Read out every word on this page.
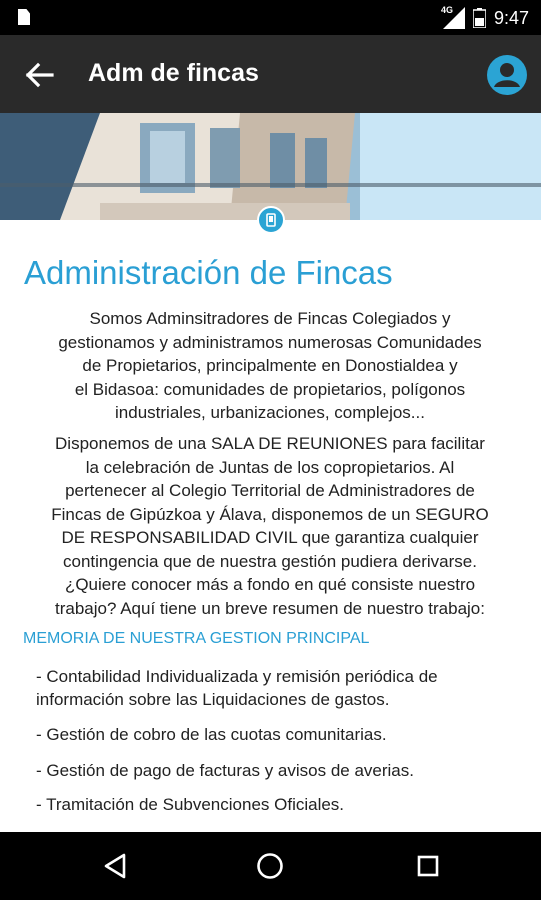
4G 9:47
Adm de fincas
Administración de Fincas
Somos Adminsitradores de Fincas Colegiados y
gestionamos y administramos numerosas Comunidades
de Propietarios, principalmente en Donostialdea y
el Bidasoa: comunidades de propietarios, polígonos
industriales, urbanizaciones, complejos...
Disponemos de una SALA DE REUNIONES para facilitar
la celebración de Juntas de los copropietarios. Al
pertenecer al Colegio Territorial de Administradores de
Fincas de Gipúzkoa y Álava, disponemos de un SEGURO
DE RESPONSABILIDAD CIVIL que garantiza cualquier
contingencia que de nuestra gestión pudiera derivarse.
¿Quiere conocer más a fondo en qué consiste nuestro
trabajo? Aquí tiene un breve resumen de nuestro trabajo:
MEMORIA DE NUESTRA GESTION PRINCIPAL
- Contabilidad Individualizada y remisión periódica de información sobre las Liquidaciones de gastos.
- Gestión de cobro de las cuotas comunitarias.
- Gestión de pago de facturas y avisos de averias.
- Tramitación de Subvenciones Oficiales.
